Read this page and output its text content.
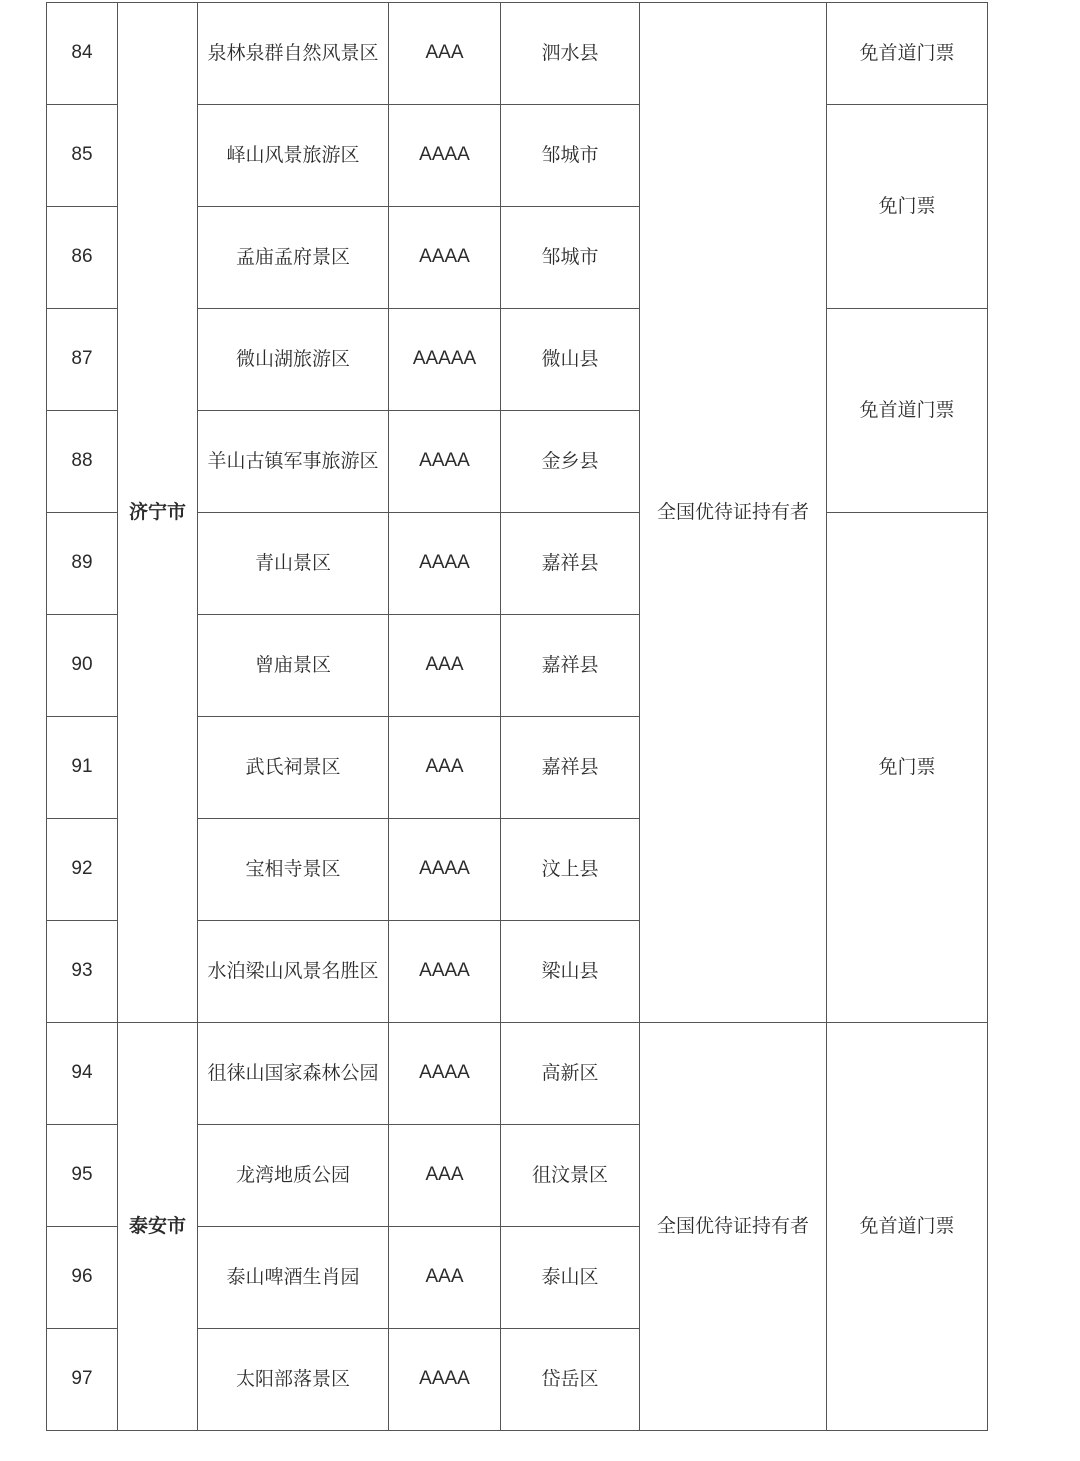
84	济宁市	泉林泉群自然风景区	AAA	泗水县	全国优待证持有者	免首道门票
85		峄山风景旅游区	AAAA	邹城市		免门票
86		孟庙孟府景区	AAAA	邹城市		
87		微山湖旅游区	AAAAA	微山县		免首道门票
88		羊山古镇军事旅游区	AAAA	金乡县		
89		青山景区	AAAA	嘉祥县		免门票
90		曾庙景区	AAA	嘉祥县		
91		武氏祠景区	AAA	嘉祥县		
92		宝相寺景区	AAAA	汶上县		
93		水泊梁山风景名胜区	AAAA	梁山县		
94	泰安市	徂徕山国家森林公园	AAAA	高新区	全国优待证持有者	免首道门票
95		龙湾地质公园	AAA	徂汶景区		
96		泰山啤酒生肖园	AAA	泰山区		
97		太阳部落景区	AAAA	岱岳区		
